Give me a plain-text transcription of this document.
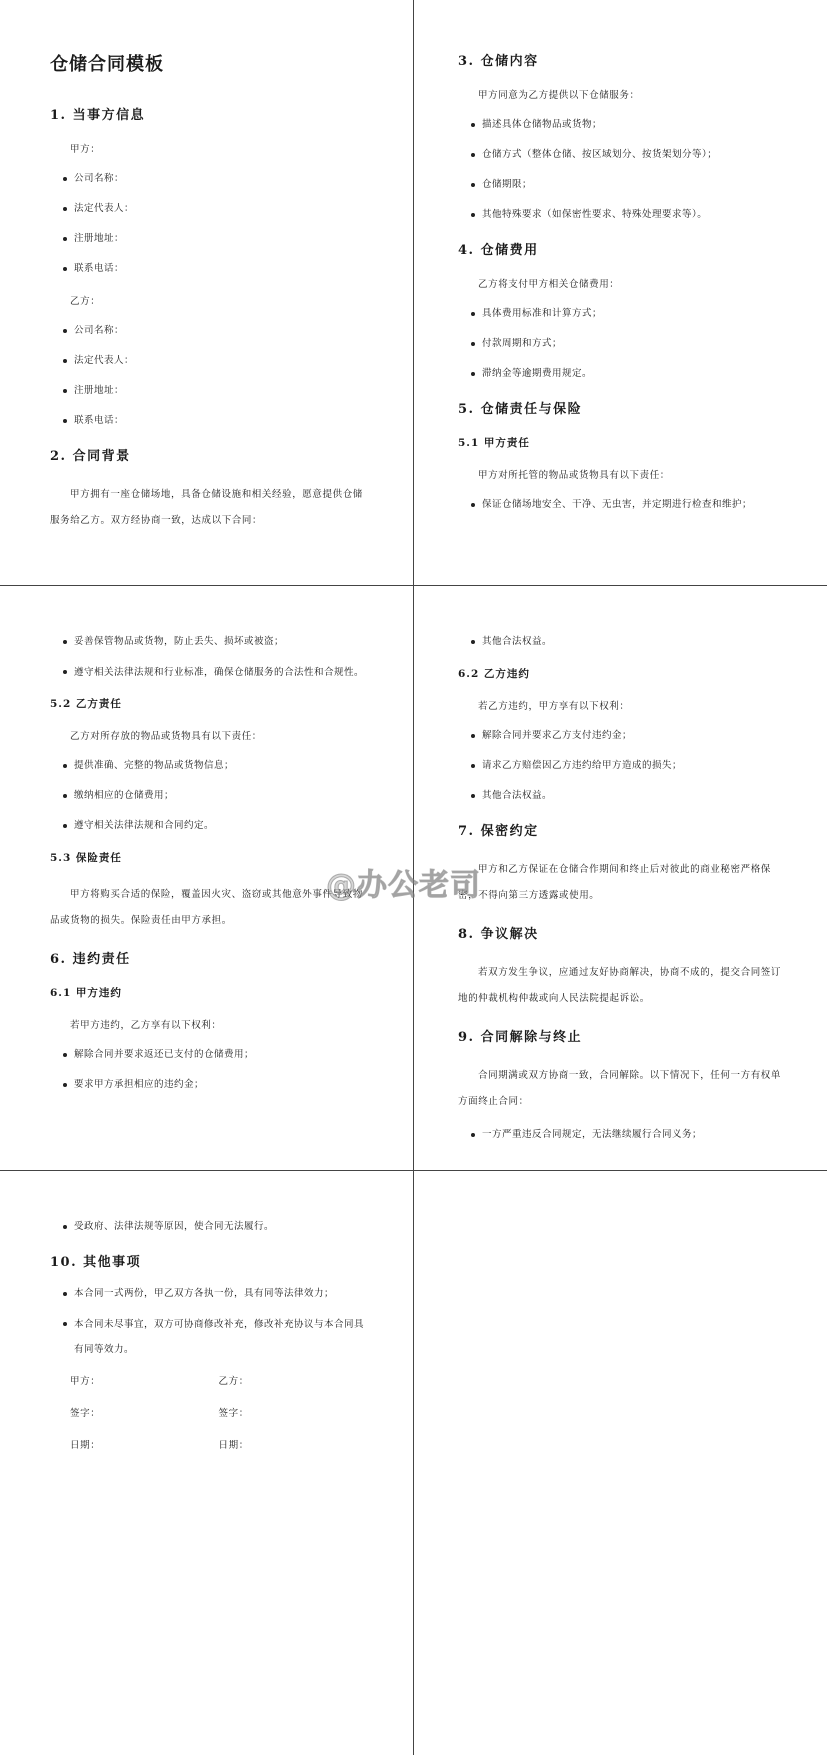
仓储合同模板
1. 当事方信息
甲方：
公司名称：
法定代表人：
注册地址：
联系电话：
乙方：
公司名称：
法定代表人：
注册地址：
联系电话：
2. 合同背景
甲方拥有一座仓储场地，具备仓储设施和相关经验，愿意提供仓储服务给乙方。双方经协商一致，达成以下合同：
3. 仓储内容
甲方同意为乙方提供以下仓储服务：
描述具体仓储物品或货物；
仓储方式（整体仓储、按区域划分、按货架划分等）；
仓储期限；
其他特殊要求（如保密性要求、特殊处理要求等）。
4. 仓储费用
乙方将支付甲方相关仓储费用：
具体费用标准和计算方式；
付款周期和方式；
滞纳金等逾期费用规定。
5. 仓储责任与保险
5.1 甲方责任
甲方对所托管的物品或货物具有以下责任：
保证仓储场地安全、干净、无虫害，并定期进行检查和维护；
妥善保管物品或货物，防止丢失、损坏或被盗；
遵守相关法律法规和行业标准，确保仓储服务的合法性和合规性。
5.2 乙方责任
乙方对所存放的物品或货物具有以下责任：
提供准确、完整的物品或货物信息；
缴纳相应的仓储费用；
遵守相关法律法规和合同约定。
5.3 保险责任
甲方将购买合适的保险，覆盖因火灾、盗窃或其他意外事件导致物品或货物的损失。保险责任由甲方承担。
6. 违约责任
6.1 甲方违约
若甲方违约，乙方享有以下权利：
解除合同并要求返还已支付的仓储费用；
要求甲方承担相应的违约金；
其他合法权益。
6.2 乙方违约
若乙方违约，甲方享有以下权利：
解除合同并要求乙方支付违约金；
请求乙方赔偿因乙方违约给甲方造成的损失；
其他合法权益。
7. 保密约定
甲方和乙方保证在仓储合作期间和终止后对彼此的商业秘密严格保密，不得向第三方透露或使用。
8. 争议解决
若双方发生争议，应通过友好协商解决，协商不成的，提交合同签订地的仲裁机构仲裁或向人民法院提起诉讼。
9. 合同解除与终止
合同期满或双方协商一致，合同解除。以下情况下，任何一方有权单方面终止合同：
一方严重违反合同规定，无法继续履行合同义务；
受政府、法律法规等原因，使合同无法履行。
10. 其他事项
本合同一式两份，甲乙双方各执一份，具有同等法律效力；
本合同未尽事宜，双方可协商修改补充，修改补充协议与本合同具有同等效力。
甲方：	乙方：
签字：	签字：
日期：	日期：
@办公老司
